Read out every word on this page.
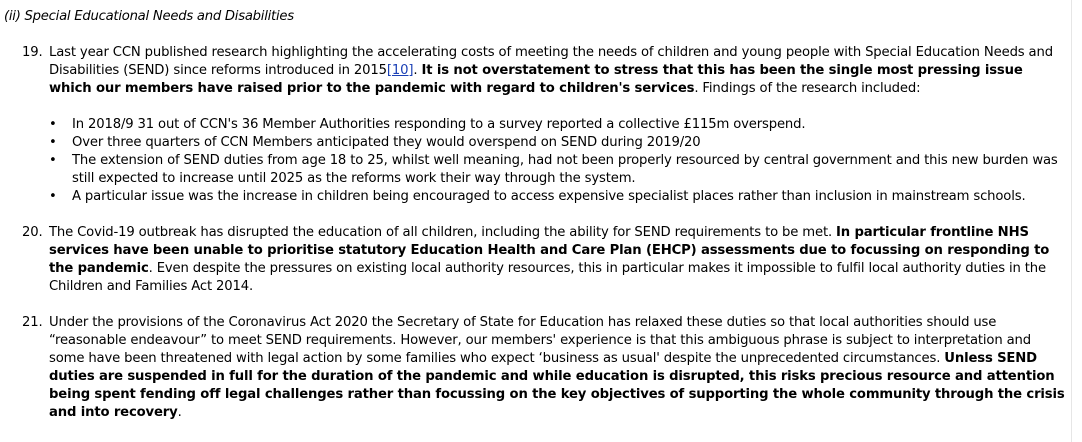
(ii) Special Educational Needs and Disabilities
19. Last year CCN published research highlighting the accelerating costs of meeting the needs of children and young people with Special Education Needs and Disabilities (SEND) since reforms introduced in 2015[10]. It is not overstatement to stress that this has been the single most pressing issue which our members have raised prior to the pandemic with regard to children's services. Findings of the research included:
• In 2018/9 31 out of CCN's 36 Member Authorities responding to a survey reported a collective £115m overspend.
• Over three quarters of CCN Members anticipated they would overspend on SEND during 2019/20
• The extension of SEND duties from age 18 to 25, whilst well meaning, had not been properly resourced by central government and this new burden was still expected to increase until 2025 as the reforms work their way through the system.
• A particular issue was the increase in children being encouraged to access expensive specialist places rather than inclusion in mainstream schools.
20. The Covid-19 outbreak has disrupted the education of all children, including the ability for SEND requirements to be met. In particular frontline NHS services have been unable to prioritise statutory Education Health and Care Plan (EHCP) assessments due to focussing on responding to the pandemic. Even despite the pressures on existing local authority resources, this in particular makes it impossible to fulfil local authority duties in the Children and Families Act 2014.
21. Under the provisions of the Coronavirus Act 2020 the Secretary of State for Education has relaxed these duties so that local authorities should use “reasonable endeavour” to meet SEND requirements. However, our members' experience is that this ambiguous phrase is subject to interpretation and some have been threatened with legal action by some families who expect ‘business as usual' despite the unprecedented circumstances. Unless SEND duties are suspended in full for the duration of the pandemic and while education is disrupted, this risks precious resource and attention being spent fending off legal challenges rather than focussing on the key objectives of supporting the whole community through the crisis and into recovery.
